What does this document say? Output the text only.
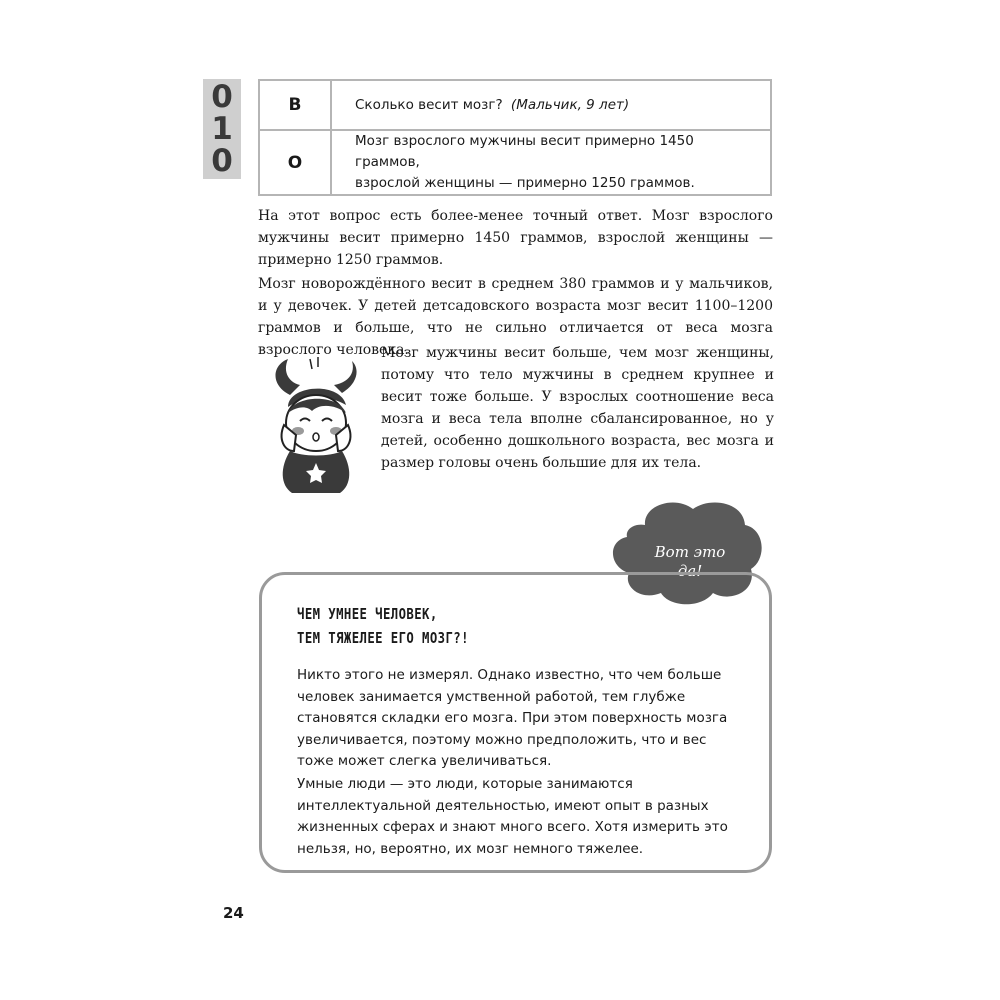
0
1
0
В	Сколько весит мозг? (Мальчик, 9 лет)
О	Мозг взрослого мужчины весит примерно 1450 граммов,
взрослой женщины — примерно 1250 граммов.

На этот вопрос есть более-менее точный ответ. Мозг взрослого мужчины весит примерно 1450 граммов, взрослой женщины — примерно 1250 граммов.

Мозг новорождённого весит в среднем 380 граммов и у мальчиков, и у девочек. У детей детсадовского возраста мозг весит 1100–1200 граммов и больше, что не сильно отличается от веса мозга взрослого человека.

Мозг мужчины весит больше, чем мозг женщины, потому что тело мужчины в среднем крупнее и весит тоже больше. У взрослых соотношение веса мозга и веса тела вполне сбалансированное, но у детей, особенно дошкольного возраста, вес мозга и размер головы очень большие для их тела.

Вот это
да!
ЧЕМ УМНЕЕ ЧЕЛОВЕК,
ТЕМ ТЯЖЕЛЕЕ ЕГО МОЗГ?!

Никто этого не измерял. Однако известно, что чем больше человек занимается умственной работой, тем глубже становятся складки его мозга. При этом поверхность мозга увеличивается, поэтому можно предположить, что и вес тоже может слегка увеличиваться.

Умные люди — это люди, которые занимаются интеллектуальной деятельностью, имеют опыт в разных жизненных сферах и знают много всего. Хотя измерить это нельзя, но, вероятно, их мозг немного тяжелее.

24
